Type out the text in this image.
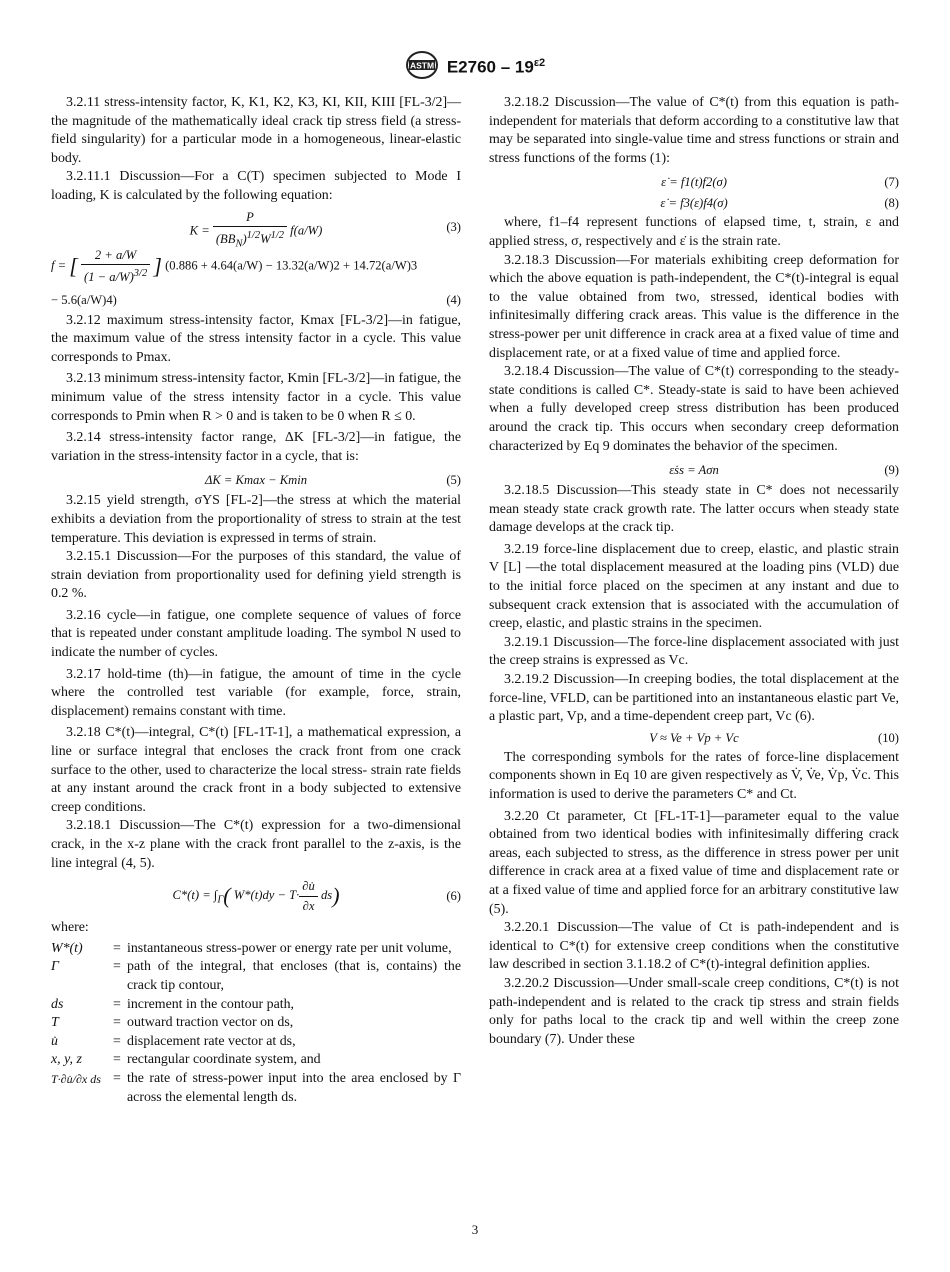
ASTM $E2760 - 19^{\varepsilon 2}$

3.2.11 stress-intensity factor, K, K1, K2, K3, KI, KII, KIII [FL-3/2]—the magnitude of the mathematically ideal crack tip stress field (a stress-field singularity) for a particular mode in a homogeneous, linear-elastic body.

3.2.11.1 Discussion—For a C(T) specimen subjected to Mode I loading, K is calculated by the following equation:

$K = \frac{P}{(BB_N)^{1/2}W^{1/2}} f(a/W)$	(3)
f = [ $\frac{2 + a/W}{(1 - a/W)^{3/2}}$ ] (0.886 + 4.64(a/W) − 13.32(a/W)2 + 14.72(a/W)3
− 5.6(a/W)4)	(4)

3.2.12 maximum stress-intensity factor, Kmax [FL-3/2]—in fatigue, the maximum value of the stress intensity factor in a cycle. This value corresponds to Pmax.

3.2.13 minimum stress-intensity factor, Kmin [FL-3/2]—in fatigue, the minimum value of the stress intensity factor in a cycle. This value corresponds to Pmin when R > 0 and is taken to be 0 when R ≤ 0.

3.2.14 stress-intensity factor range, ΔK [FL-3/2]—in fatigue, the variation in the stress-intensity factor in a cycle, that is:

ΔK = Kmax − Kmin	(5)

3.2.15 yield strength, σYS [FL-2]—the stress at which the material exhibits a deviation from the proportionality of stress to strain at the test temperature. This deviation is expressed in terms of strain.

3.2.15.1 Discussion—For the purposes of this standard, the value of strain deviation from proportionality used for defining yield strength is 0.2 %.

3.2.16 cycle—in fatigue, one complete sequence of values of force that is repeated under constant amplitude loading. The symbol N used to indicate the number of cycles.

3.2.17 hold-time (th)—in fatigue, the amount of time in the cycle where the controlled test variable (for example, force, strain, displacement) remains constant with time.

3.2.18 C*(t)—integral, C*(t) [FL-1T-1], a mathematical expression, a line or surface integral that encloses the crack front from one crack surface to the other, used to characterize the local stress- strain rate fields at any instant around the crack front in a body subjected to extensive creep conditions.

3.2.18.1 Discussion—The C*(t) expression for a two-dimensional crack, in the x-z plane with the crack front parallel to the z-axis, is the line integral (4, 5).

$C*(t) = \int_\Gamma$( $W*(t)dy - T\cdot \frac{\partial u̇}{\partial x} ds$)	(6)
where:
W*(t)	=	instantaneous stress-power or energy rate per unit volume,
Γ	=	path of the integral, that encloses (that is, contains) the crack tip contour,
ds	=	increment in the contour path,
T	=	outward traction vector on ds,
u̇	=	displacement rate vector at ds,
x, y, z	=	rectangular coordinate system, and
T·∂u̇/∂x ds	=	the rate of stress-power input into the area enclosed by Γ across the elemental length ds.

3.2.18.2 Discussion—The value of C*(t) from this equation is path-independent for materials that deform according to a constitutive law that may be separated into single-value time and stress functions or strain and stress functions of the forms (1):

ε̇ = f1(t)f2(σ)	(7)
ε̇ = f3(ε)f4(σ)	(8)

where, f1–f4 represent functions of elapsed time, t, strain, ε and applied stress, σ, respectively and ε̇ is the strain rate.

3.2.18.3 Discussion—For materials exhibiting creep deformation for which the above equation is path-independent, the C*(t)-integral is equal to the value obtained from two, stressed, identical bodies with infinitesimally differing crack areas. This value is the difference in the stress-power per unit difference in crack area at a fixed value of time and displacement rate, or at a fixed value of time and applied force.

3.2.18.4 Discussion—The value of C*(t) corresponding to the steady-state conditions is called C*. Steady-state is said to have been achieved when a fully developed creep stress distribution has been produced around the crack tip. This occurs when secondary creep deformation characterized by Eq 9 dominates the behavior of the specimen.

ε̇ss = Aσn	(9)

3.2.18.5 Discussion—This steady state in C* does not necessarily mean steady state crack growth rate. The latter occurs when steady state damage develops at the crack tip.

3.2.19 force-line displacement due to creep, elastic, and plastic strain V [L] —the total displacement measured at the loading pins (VLD) due to the initial force placed on the specimen at any instant and due to subsequent crack extension that is associated with the accumulation of creep, elastic, and plastic strains in the specimen.

3.2.19.1 Discussion—The force-line displacement associated with just the creep strains is expressed as Vc.

3.2.19.2 Discussion—In creeping bodies, the total displacement at the force-line, VFLD, can be partitioned into an instantaneous elastic part Ve, a plastic part, Vp, and a time-dependent creep part, Vc (6).

V ≈ Ve + Vp + Vc	(10)

The corresponding symbols for the rates of force-line displacement components shown in Eq 10 are given respectively as V̇, V̇e, V̇p, V̇c. This information is used to derive the parameters C* and Ct.

3.2.20 Ct parameter, Ct [FL-1T-1]—parameter equal to the value obtained from two identical bodies with infinitesimally differing crack areas, each subjected to stress, as the difference in stress power per unit difference in crack area at a fixed value of time and displacement rate or at a fixed value of time and applied force for an arbitrary constitutive law (5).

3.2.20.1 Discussion—The value of Ct is path-independent and is identical to C*(t) for extensive creep conditions when the constitutive law described in section 3.1.18.2 of C*(t)-integral definition applies.

3.2.20.2 Discussion—Under small-scale creep conditions, C*(t) is not path-independent and is related to the crack tip stress and strain fields only for paths local to the crack tip and well within the creep zone boundary (7). Under these

3
